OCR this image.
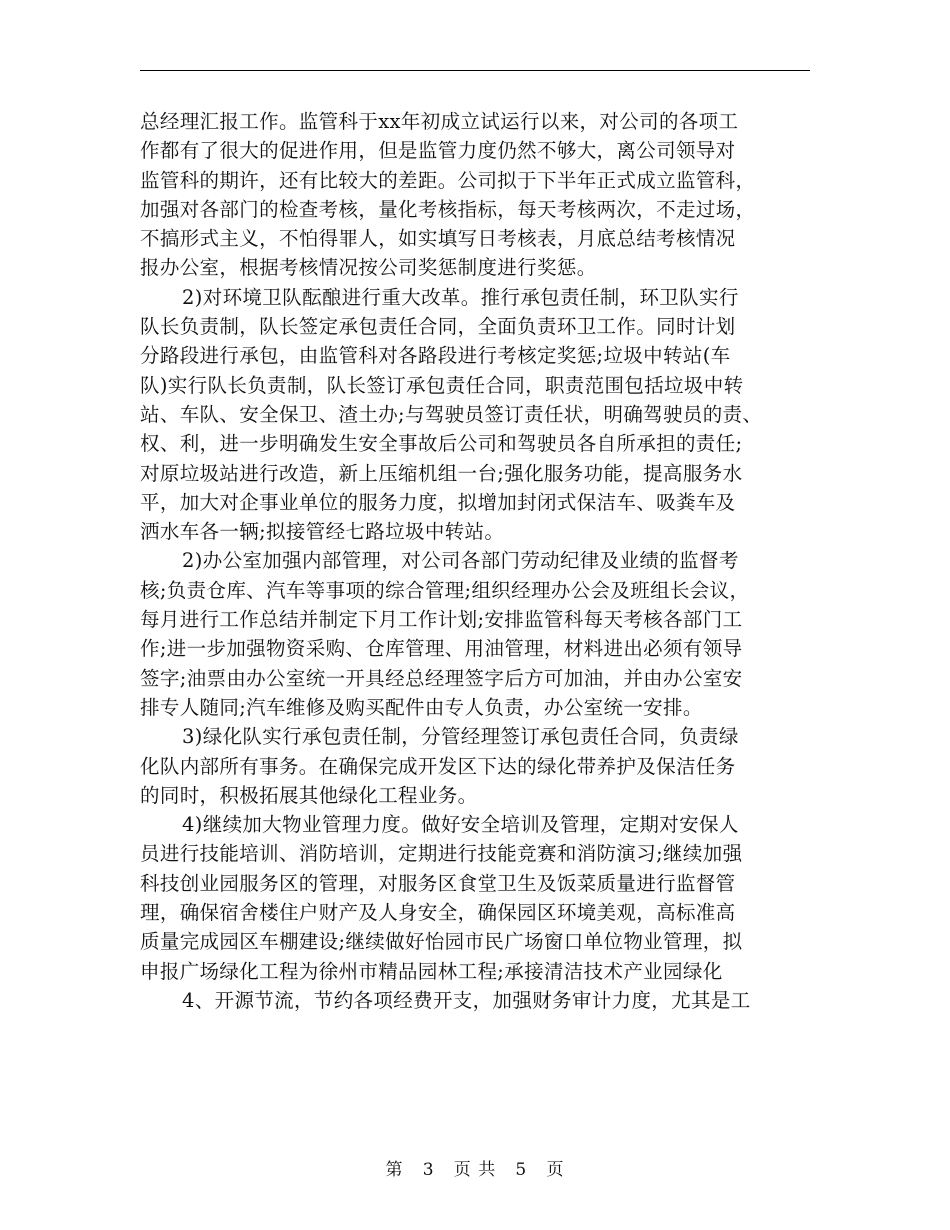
总经理汇报工作。监管科于xx年初成立试运行以来，对公司的各项工
作都有了很大的促进作用，但是监管力度仍然不够大，离公司领导对
监管科的期许，还有比较大的差距。公司拟于下半年正式成立监管科，
加强对各部门的检查考核，量化考核指标，每天考核两次，不走过场，
不搞形式主义，不怕得罪人，如实填写日考核表，月底总结考核情况
报办公室，根据考核情况按公司奖惩制度进行奖惩。
2)对环境卫队酝酿进行重大改革。推行承包责任制，环卫队实行
队长负责制，队长签定承包责任合同，全面负责环卫工作。同时计划
分路段进行承包，由监管科对各路段进行考核定奖惩;垃圾中转站(车
队)实行队长负责制，队长签订承包责任合同，职责范围包括垃圾中转
站、车队、安全保卫、渣土办;与驾驶员签订责任状，明确驾驶员的责、
权、利，进一步明确发生安全事故后公司和驾驶员各自所承担的责任;
对原垃圾站进行改造，新上压缩机组一台;强化服务功能，提高服务水
平，加大对企事业单位的服务力度，拟增加封闭式保洁车、吸粪车及
洒水车各一辆;拟接管经七路垃圾中转站。
2)办公室加强内部管理，对公司各部门劳动纪律及业绩的监督考
核;负责仓库、汽车等事项的综合管理;组织经理办公会及班组长会议，
每月进行工作总结并制定下月工作计划;安排监管科每天考核各部门工
作;进一步加强物资采购、仓库管理、用油管理，材料进出必须有领导
签字;油票由办公室统一开具经总经理签字后方可加油，并由办公室安
排专人随同;汽车维修及购买配件由专人负责，办公室统一安排。
3)绿化队实行承包责任制，分管经理签订承包责任合同，负责绿
化队内部所有事务。在确保完成开发区下达的绿化带养护及保洁任务
的同时，积极拓展其他绿化工程业务。
4)继续加大物业管理力度。做好安全培训及管理，定期对安保人
员进行技能培训、消防培训，定期进行技能竞赛和消防演习;继续加强
科技创业园服务区的管理，对服务区食堂卫生及饭菜质量进行监督管
理，确保宿舍楼住户财产及人身安全，确保园区环境美观，高标准高
质量完成园区车棚建设;继续做好怡园市民广场窗口单位物业管理，拟
申报广场绿化工程为徐州市精品园林工程;承接清洁技术产业园绿化
4、开源节流，节约各项经费开支，加强财务审计力度，尤其是工
第 3 页 共 5 页
